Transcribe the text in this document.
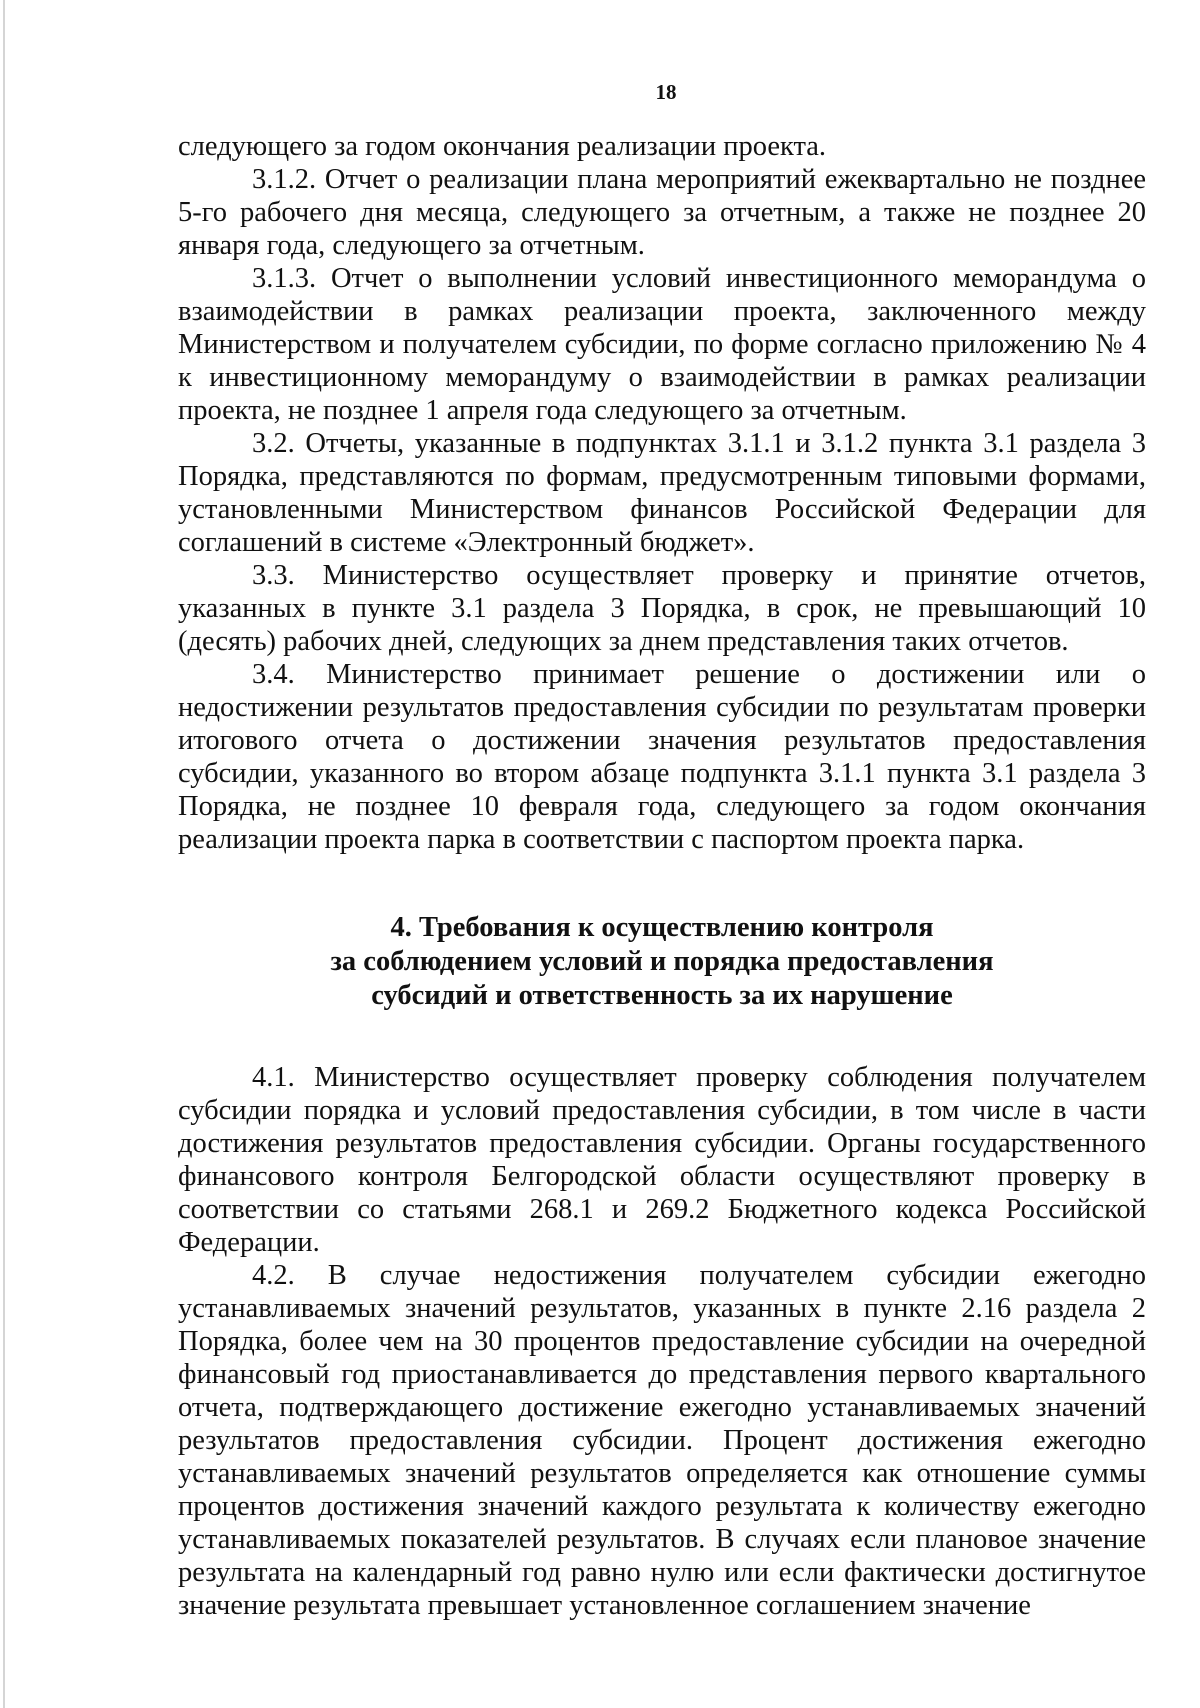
18

следующего за годом окончания реализации проекта.

3.1.2. Отчет о реализации плана мероприятий ежеквартально не позднее 5-го рабочего дня месяца, следующего за отчетным, а также не позднее 20 января года, следующего за отчетным.

3.1.3. Отчет о выполнении условий инвестиционного меморандума о взаимодействии в рамках реализации проекта, заключенного между Министерством и получателем субсидии, по форме согласно приложению № 4 к инвестиционному меморандуму о взаимодействии в рамках реализации проекта, не позднее 1 апреля года следующего за отчетным.

3.2. Отчеты, указанные в подпунктах 3.1.1 и 3.1.2 пункта 3.1 раздела 3 Порядка, представляются по формам, предусмотренным типовыми формами, установленными Министерством финансов Российской Федерации для соглашений в системе «Электронный бюджет».

3.3. Министерство осуществляет проверку и принятие отчетов, указанных в пункте 3.1 раздела 3 Порядка, в срок, не превышающий 10 (десять) рабочих дней, следующих за днем представления таких отчетов.

3.4. Министерство принимает решение о достижении или о недостижении результатов предоставления субсидии по результатам проверки итогового отчета о достижении значения результатов предоставления субсидии, указанного во втором абзаце подпункта 3.1.1 пункта 3.1 раздела 3 Порядка, не позднее 10 февраля года, следующего за годом окончания реализации проекта парка в соответствии с паспортом проекта парка.

4. Требования к осуществлению контроля
за соблюдением условий и порядка предоставления
субсидий и ответственность за их нарушение

4.1. Министерство осуществляет проверку соблюдения получателем субсидии порядка и условий предоставления субсидии, в том числе в части достижения результатов предоставления субсидии. Органы государственного финансового контроля Белгородской области осуществляют проверку в соответствии со статьями 268.1 и 269.2 Бюджетного кодекса Российской Федерации.

4.2. В случае недостижения получателем субсидии ежегодно устанавливаемых значений результатов, указанных в пункте 2.16 раздела 2 Порядка, более чем на 30 процентов предоставление субсидии на очередной финансовый год приостанавливается до представления первого квартального отчета, подтверждающего достижение ежегодно устанавливаемых значений результатов предоставления субсидии. Процент достижения ежегодно устанавливаемых значений результатов определяется как отношение суммы процентов достижения значений каждого результата к количеству ежегодно устанавливаемых показателей результатов. В случаях если плановое значение результата на календарный год равно нулю или если фактически достигнутое значение результата превышает установленное соглашением значение
